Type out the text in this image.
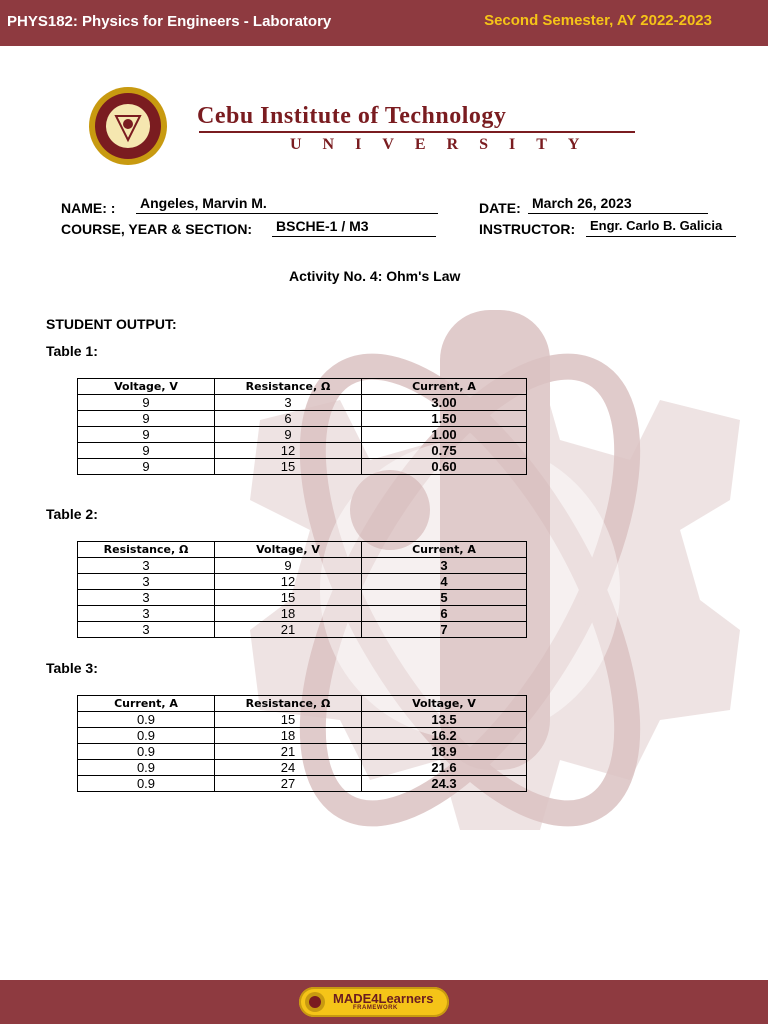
PHYS182: Physics for Engineers - Laboratory	Second Semester, AY 2022-2023
Cebu Institute of Technology
UNIVERSITY
NAME: : Angeles, Marvin M.
COURSE, YEAR & SECTION: BSCHE-1 / M3
DATE: March 26, 2023
INSTRUCTOR:	Engr. Carlo B. Galicia
Activity No. 4: Ohm's Law
STUDENT OUTPUT:
Table 1:
Voltage, V	Resistance, Ω	Current, A
9	3	3.00
9	6	1.50
9	9	1.00
9	12	0.75
9	15	0.60
Table 2:
Resistance, Ω	Voltage, V	Current, A
3	9	3
3	12	4
3	15	5
3	18	6
3	21	7
Table 3:
Current, A	Resistance, Ω	Voltage, V
0.9	15	13.5
0.9	18	16.2
0.9	21	18.9
0.9	24	21.6
0.9	27	24.3
MADE4Learners
FRAMEWORK
